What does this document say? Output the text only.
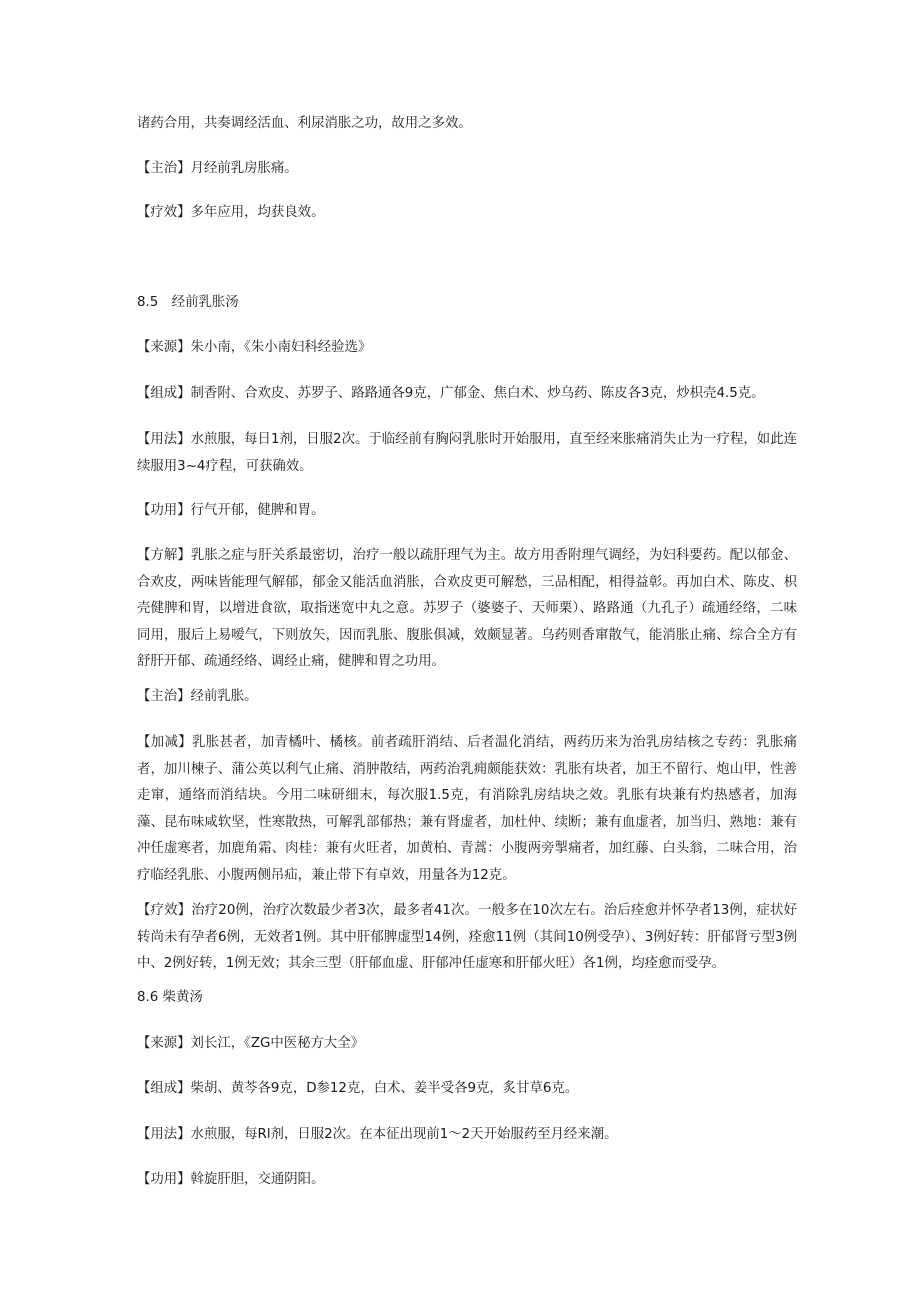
诸药合用，共奏调经活血、利尿消胀之功，故用之多效。

【主治】月经前乳房胀痛。

【疗效】多年应用，均获良效。

8.5　经前乳胀汤

【来源】朱小南，《朱小南妇科经验选》

【组成】制香附、合欢皮、苏罗子、路路通各9克，广郁金、焦白术、炒乌药、陈皮各3克，炒枳壳4.5克。

【用法】水煎服，每日1剂，日服2次。于临经前有胸闷乳胀时开始服用，直至经来胀痛消失止为一疗程，如此连续服用3~4疗程，可获确效。

【功用】行气开郁，健脾和胃。

【方解】乳胀之症与肝关系最密切，治疗一般以疏肝理气为主。故方用香附理气调经，为妇科要药。配以郁金、合欢皮，两味皆能理气解郁，郁金又能活血消胀，合欢皮更可解愁，三品相配，相得益彰。再加白术、陈皮、枳壳健脾和胃，以增进食欲，取指迷宽中丸之意。苏罗子（婆婆子、天师栗）、路路通（九孔子）疏通经络，二味同用，服后上易嗳气，下则放矢，因而乳胀、腹胀俱减，效颇显著。乌药则香窜散气，能消胀止痛、综合全方有舒肝开郁、疏通经络、调经止痛，健脾和胃之功用。

【主治】经前乳胀。

【加减】乳胀甚者，加青橘叶、橘核。前者疏肝消结、后者温化消结，两药历来为治乳房结核之专药：乳胀痛者，加川楝子、蒲公英以利气止痛、消肿散结，两药治乳痈颇能获效：乳胀有块者，加王不留行、炮山甲，性善走窜，通络而消结块。今用二味研细末，每次服1.5克，有消除乳房结块之效。乳胀有块兼有灼热感者，加海藻、昆布味咸软坚，性寒散热，可解乳部郁热；兼有肾虚者，加杜仲、续断；兼有血虚者，加当归、熟地：兼有冲任虚寒者，加鹿角霜、肉桂：兼有火旺者，加黄柏、青蒿：小腹两旁掣痛者，加红藤、白头翁，二味合用，治疗临经乳胀、小腹两侧吊疝，兼止带下有卓效，用量各为12克。

【疗效】治疗20例，治疗次数最少者3次，最多者41次。一般多在10次左右。治后痊愈并怀孕者13例，症状好转尚未有孕者6例，无效者1例。其中肝郁脾虚型14例，痊愈11例（其间10例受孕）、3例好转：肝郁肾亏型3例中、2例好转，1例无效；其余三型（肝郁血虚、肝郁冲任虚寒和肝郁火旺）各1例，均痊愈而受孕。

8.6 柴黄汤

【来源】刘长江，《ZG中医秘方大全》

【组成】柴胡、黄芩各9克，D参12克，白术、姜半受各9克，炙甘草6克。

【用法】水煎服，每Rl剂，日服2次。在本征出现前1～2天开始服药至月经来潮。

【功用】斡旋肝胆，交通阴阳。
